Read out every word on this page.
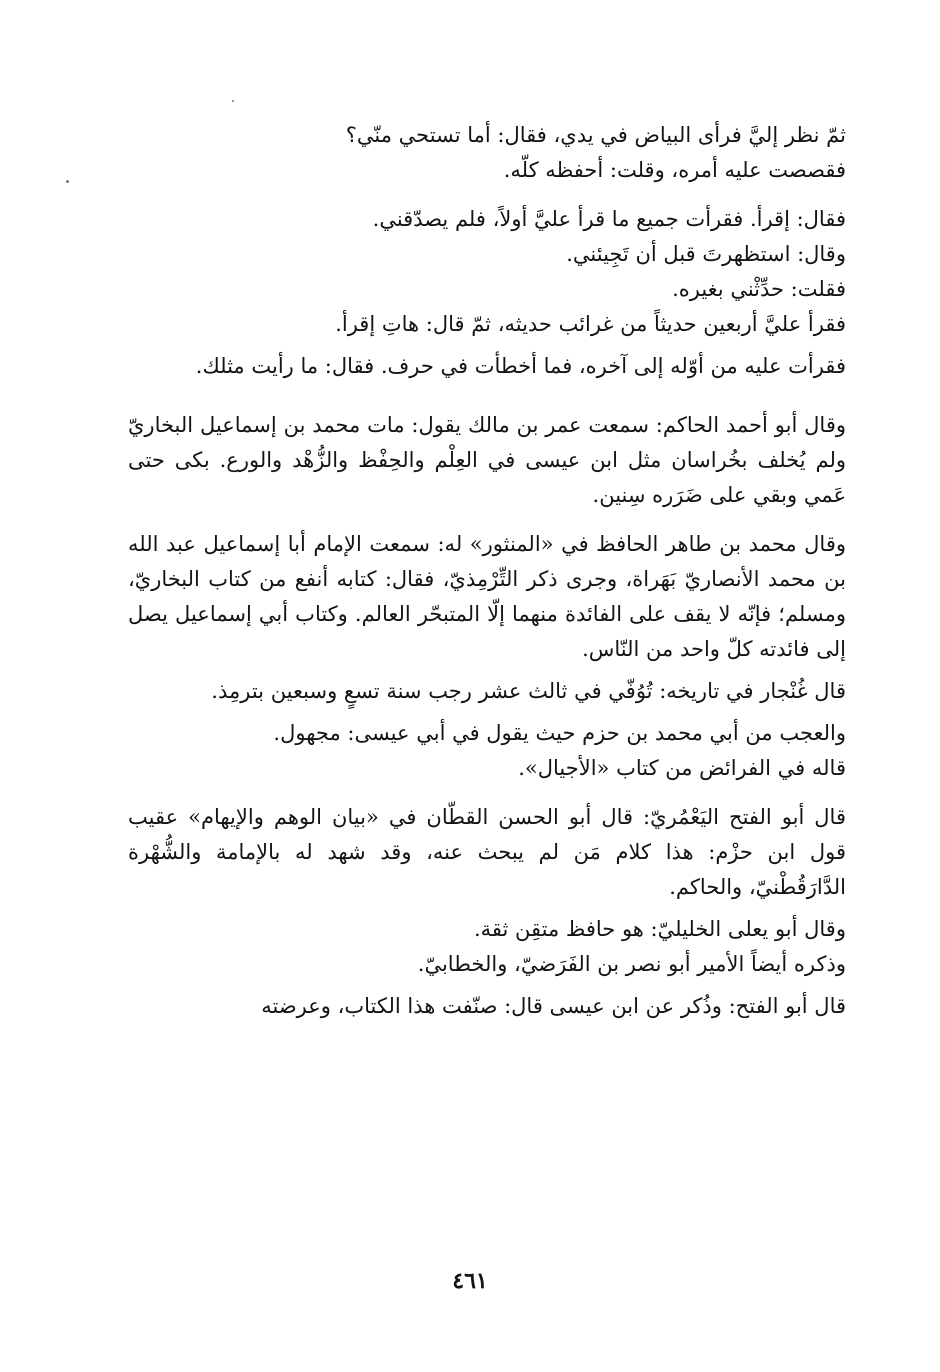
ثمّ نظر إليَّ فرأى البياض في يدي، فقال: أما تستحي منّي؟

فقصصت عليه أمره، وقلت: أحفظه كلّه.

فقال: إقرأ. فقرأت جميع ما قرأ عليَّ أولاً، فلم يصدّقني.

وقال: استظهرتَ قبل أن تَجِيئني.

فقلت: حدِّثْني بغيره.

فقرأ عليَّ أربعين حديثاً من غرائب حديثه، ثمّ قال: هاتِ إقرأ.

فقرأت عليه من أوّله إلى آخره، فما أخطأت في حرف. فقال: ما رأيت مثلك.

وقال أبو أحمد الحاكم: سمعت عمر بن مالك يقول: مات محمد بن إسماعيل البخاريّ ولم يُخلف بخُراسان مثل ابن عيسى في العِلْم والحِفْظ والزُّهْد والورع. بكى حتى عَمي وبقي على ضَرَره سِنين.

وقال محمد بن طاهر الحافظ في «المنثور» له: سمعت الإمام أبا إسماعيل عبد الله بن محمد الأنصاريّ بَهَراة، وجرى ذكر التِّرْمِذيّ، فقال: كتابه أنفع من كتاب البخاريّ، ومسلم؛ فإنّه لا يقف على الفائدة منهما إلّا المتبحّر العالم. وكتاب أبي إسماعيل يصل إلى فائدته كلّ واحد من النّاس.

قال غُنْجار في تاريخه: تُوُفّي في ثالث عشر رجب سنة تسعٍ وسبعين بترمِذ.

والعجب من أبي محمد بن حزم حيث يقول في أبي عيسى: مجهول.

قاله في الفرائض من كتاب «الأجيال».

قال أبو الفتح اليَعْمُريّ: قال أبو الحسن القطّان في «بيان الوهم والإيهام» عقيب قول ابن حزْم: هذا كلام مَن لم يبحث عنه، وقد شهد له بالإمامة والشُّهْرة الدَّارَقُطْنيّ، والحاكم.

وقال أبو يعلى الخليليّ: هو حافظ متقِن ثقة.

وذكره أيضاً الأمير أبو نصر بن الفَرَضيّ، والخطابيّ.

قال أبو الفتح: وذُكر عن ابن عيسى قال: صنّفت هذا الكتاب، وعرضته

٤٦١
